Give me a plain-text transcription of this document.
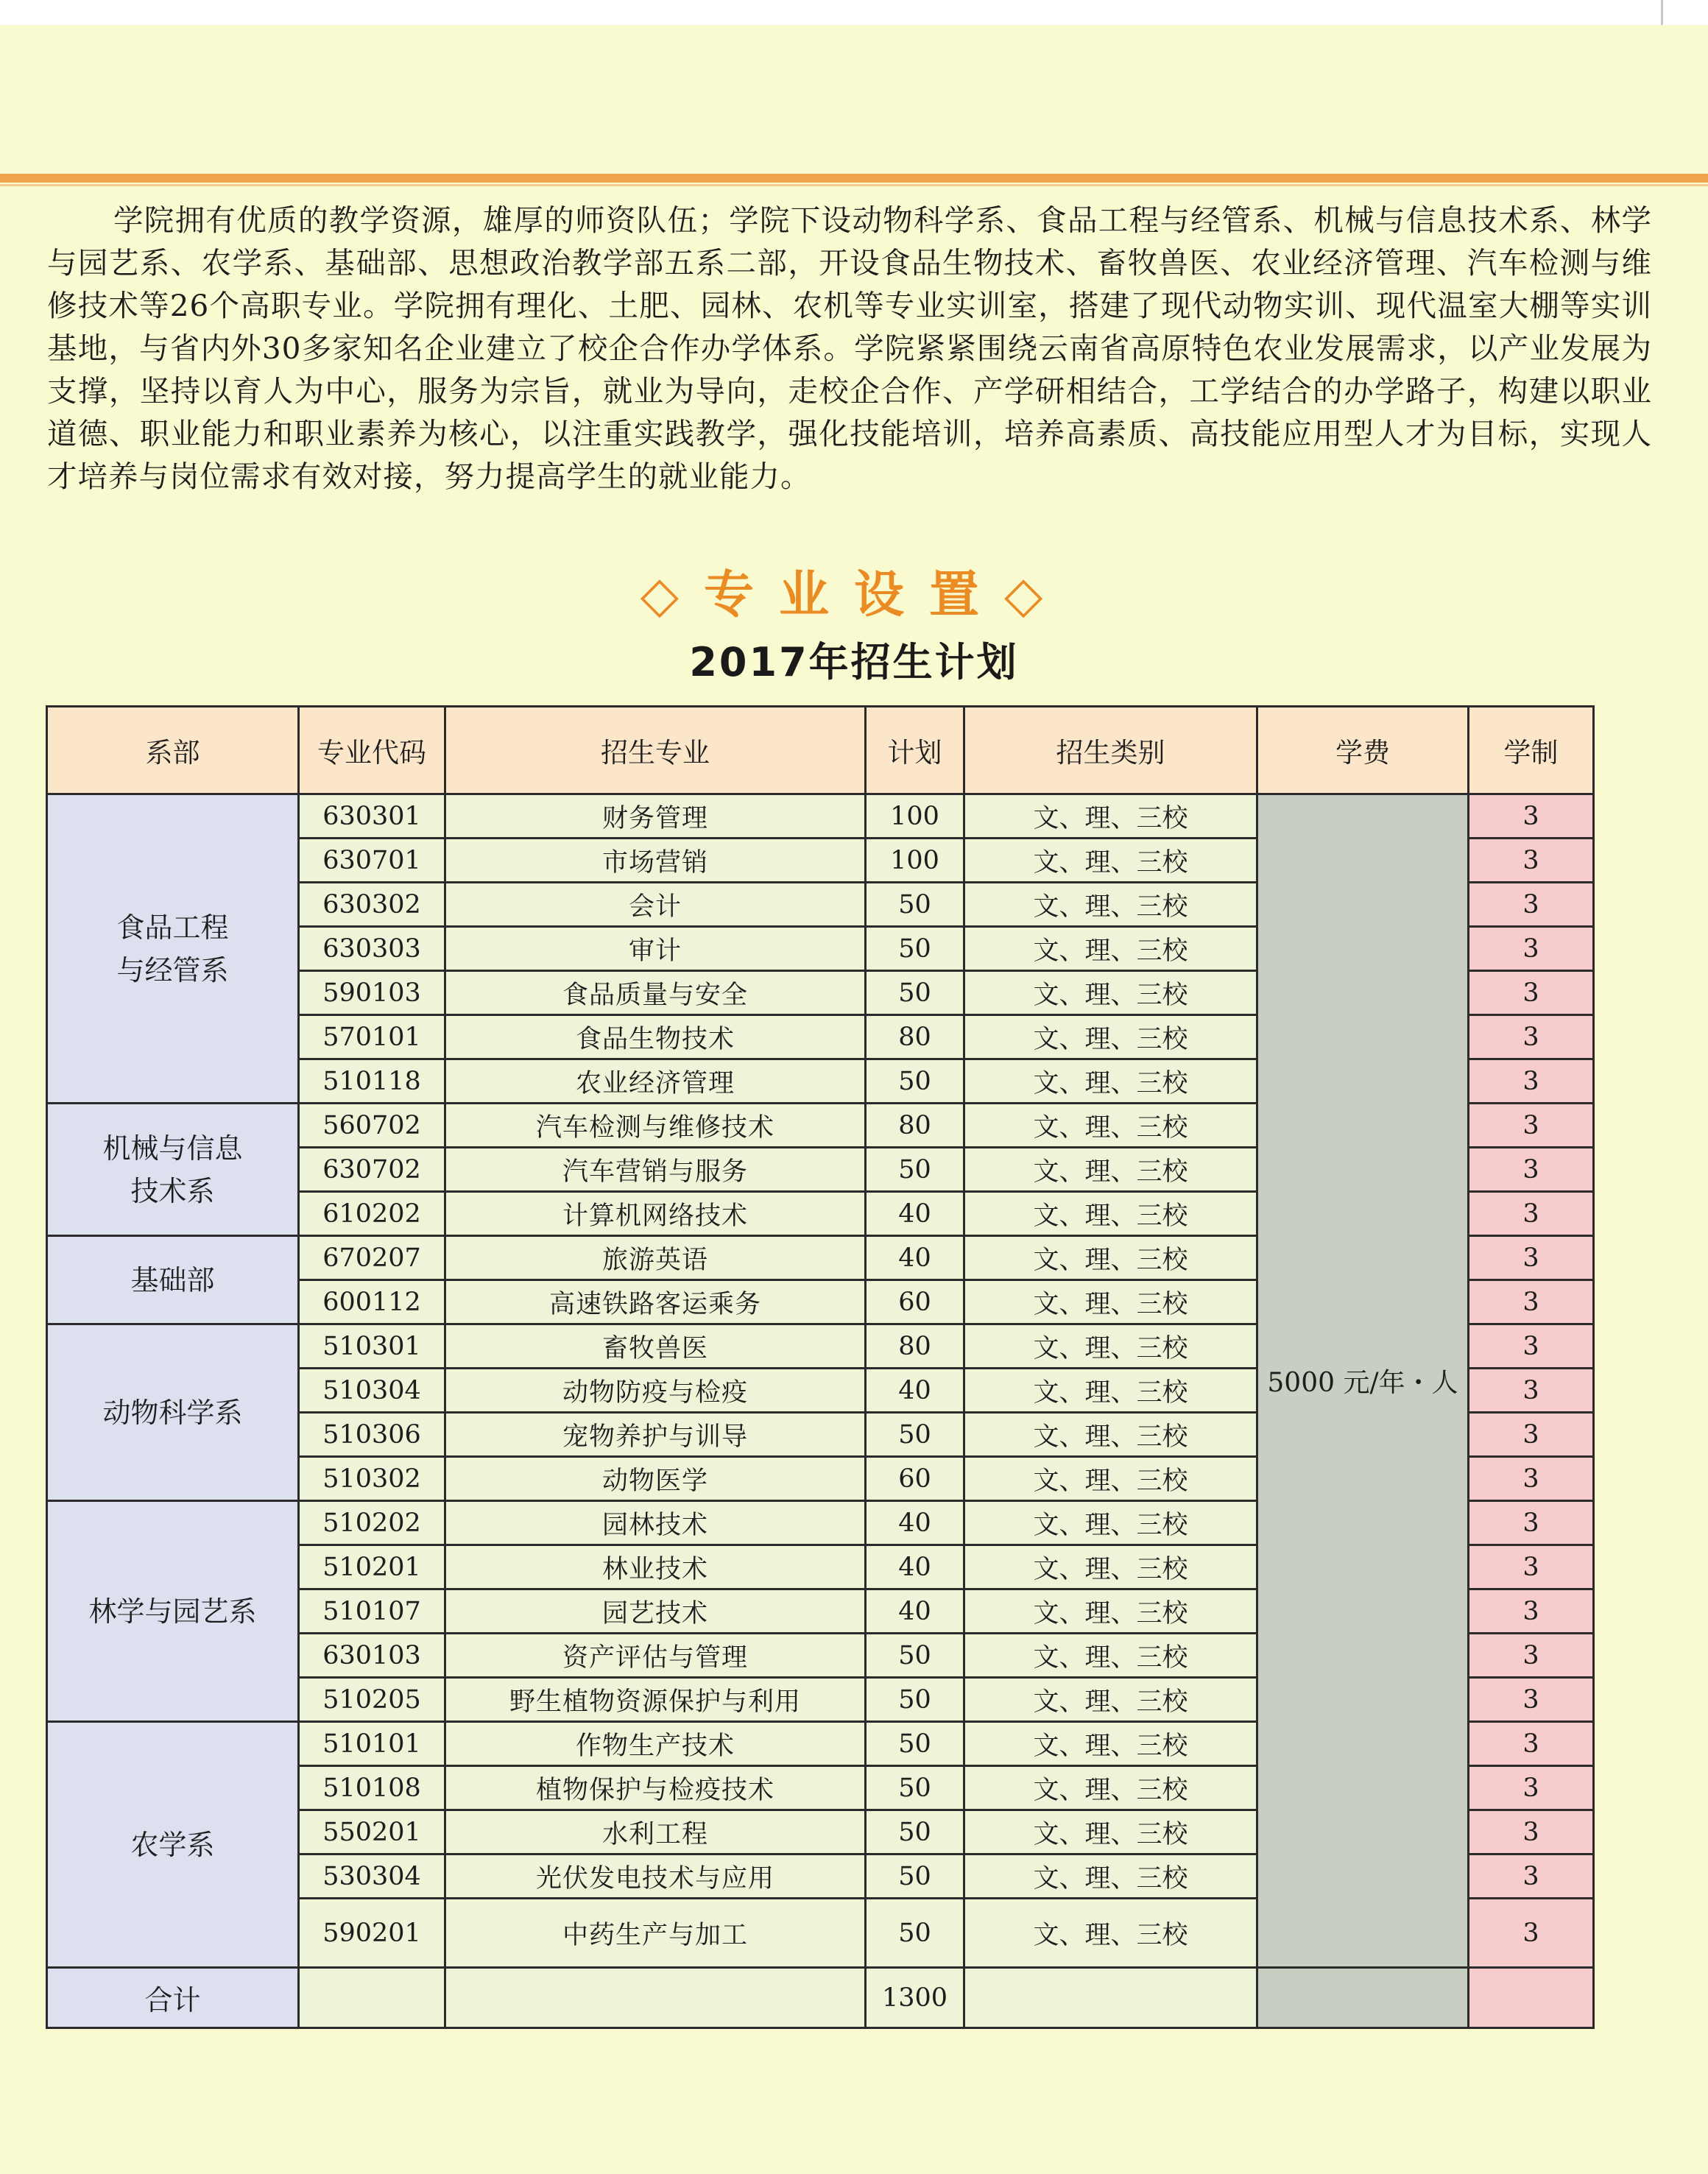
学院拥有优质的教学资源，雄厚的师资队伍；学院下设动物科学系、食品工程与经管系、机械与信息技术系、林学与园艺系、农学系、基础部、思想政治教学部五系二部，开设食品生物技术、畜牧兽医、农业经济管理、汽车检测与维修技术等26个高职专业。学院拥有理化、土肥、园林、农机等专业实训室，搭建了现代动物实训、现代温室大棚等实训基地，与省内外30多家知名企业建立了校企合作办学体系。学院紧紧围绕云南省高原特色农业发展需求，以产业发展为支撑，坚持以育人为中心，服务为宗旨，就业为导向，走校企合作、产学研相结合，工学结合的办学路子，构建以职业道德、职业能力和职业素养为核心，以注重实践教学，强化技能培训，培养高素质、高技能应用型人才为目标，实现人才培养与岗位需求有效对接，努力提高学生的就业能力。

◇专业设置◇
2017年招生计划
系部	专业代码	招生专业	计划	招生类别	学费	学制
食品工程
与经管系	630301	财务管理	100	文、理、三校	5000 元/年・人	3
	630701	市场营销	100	文、理、三校		3
	630302	会计	50	文、理、三校		3
	630303	审计	50	文、理、三校		3
	590103	食品质量与安全	50	文、理、三校		3
	570101	食品生物技术	80	文、理、三校		3
	510118	农业经济管理	50	文、理、三校		3
机械与信息
技术系	560702	汽车检测与维修技术	80	文、理、三校		3
	630702	汽车营销与服务	50	文、理、三校		3
	610202	计算机网络技术	40	文、理、三校		3
基础部	670207	旅游英语	40	文、理、三校		3
	600112	高速铁路客运乘务	60	文、理、三校		3
动物科学系	510301	畜牧兽医	80	文、理、三校		3
	510304	动物防疫与检疫	40	文、理、三校		3
	510306	宠物养护与训导	50	文、理、三校		3
	510302	动物医学	60	文、理、三校		3
林学与园艺系	510202	园林技术	40	文、理、三校		3
	510201	林业技术	40	文、理、三校		3
	510107	园艺技术	40	文、理、三校		3
	630103	资产评估与管理	50	文、理、三校		3
	510205	野生植物资源保护与利用	50	文、理、三校		3
农学系	510101	作物生产技术	50	文、理、三校		3
	510108	植物保护与检疫技术	50	文、理、三校		3
	550201	水利工程	50	文、理、三校		3
	530304	光伏发电技术与应用	50	文、理、三校		3
	590201	中药生产与加工	50	文、理、三校		3
合计			1300			
